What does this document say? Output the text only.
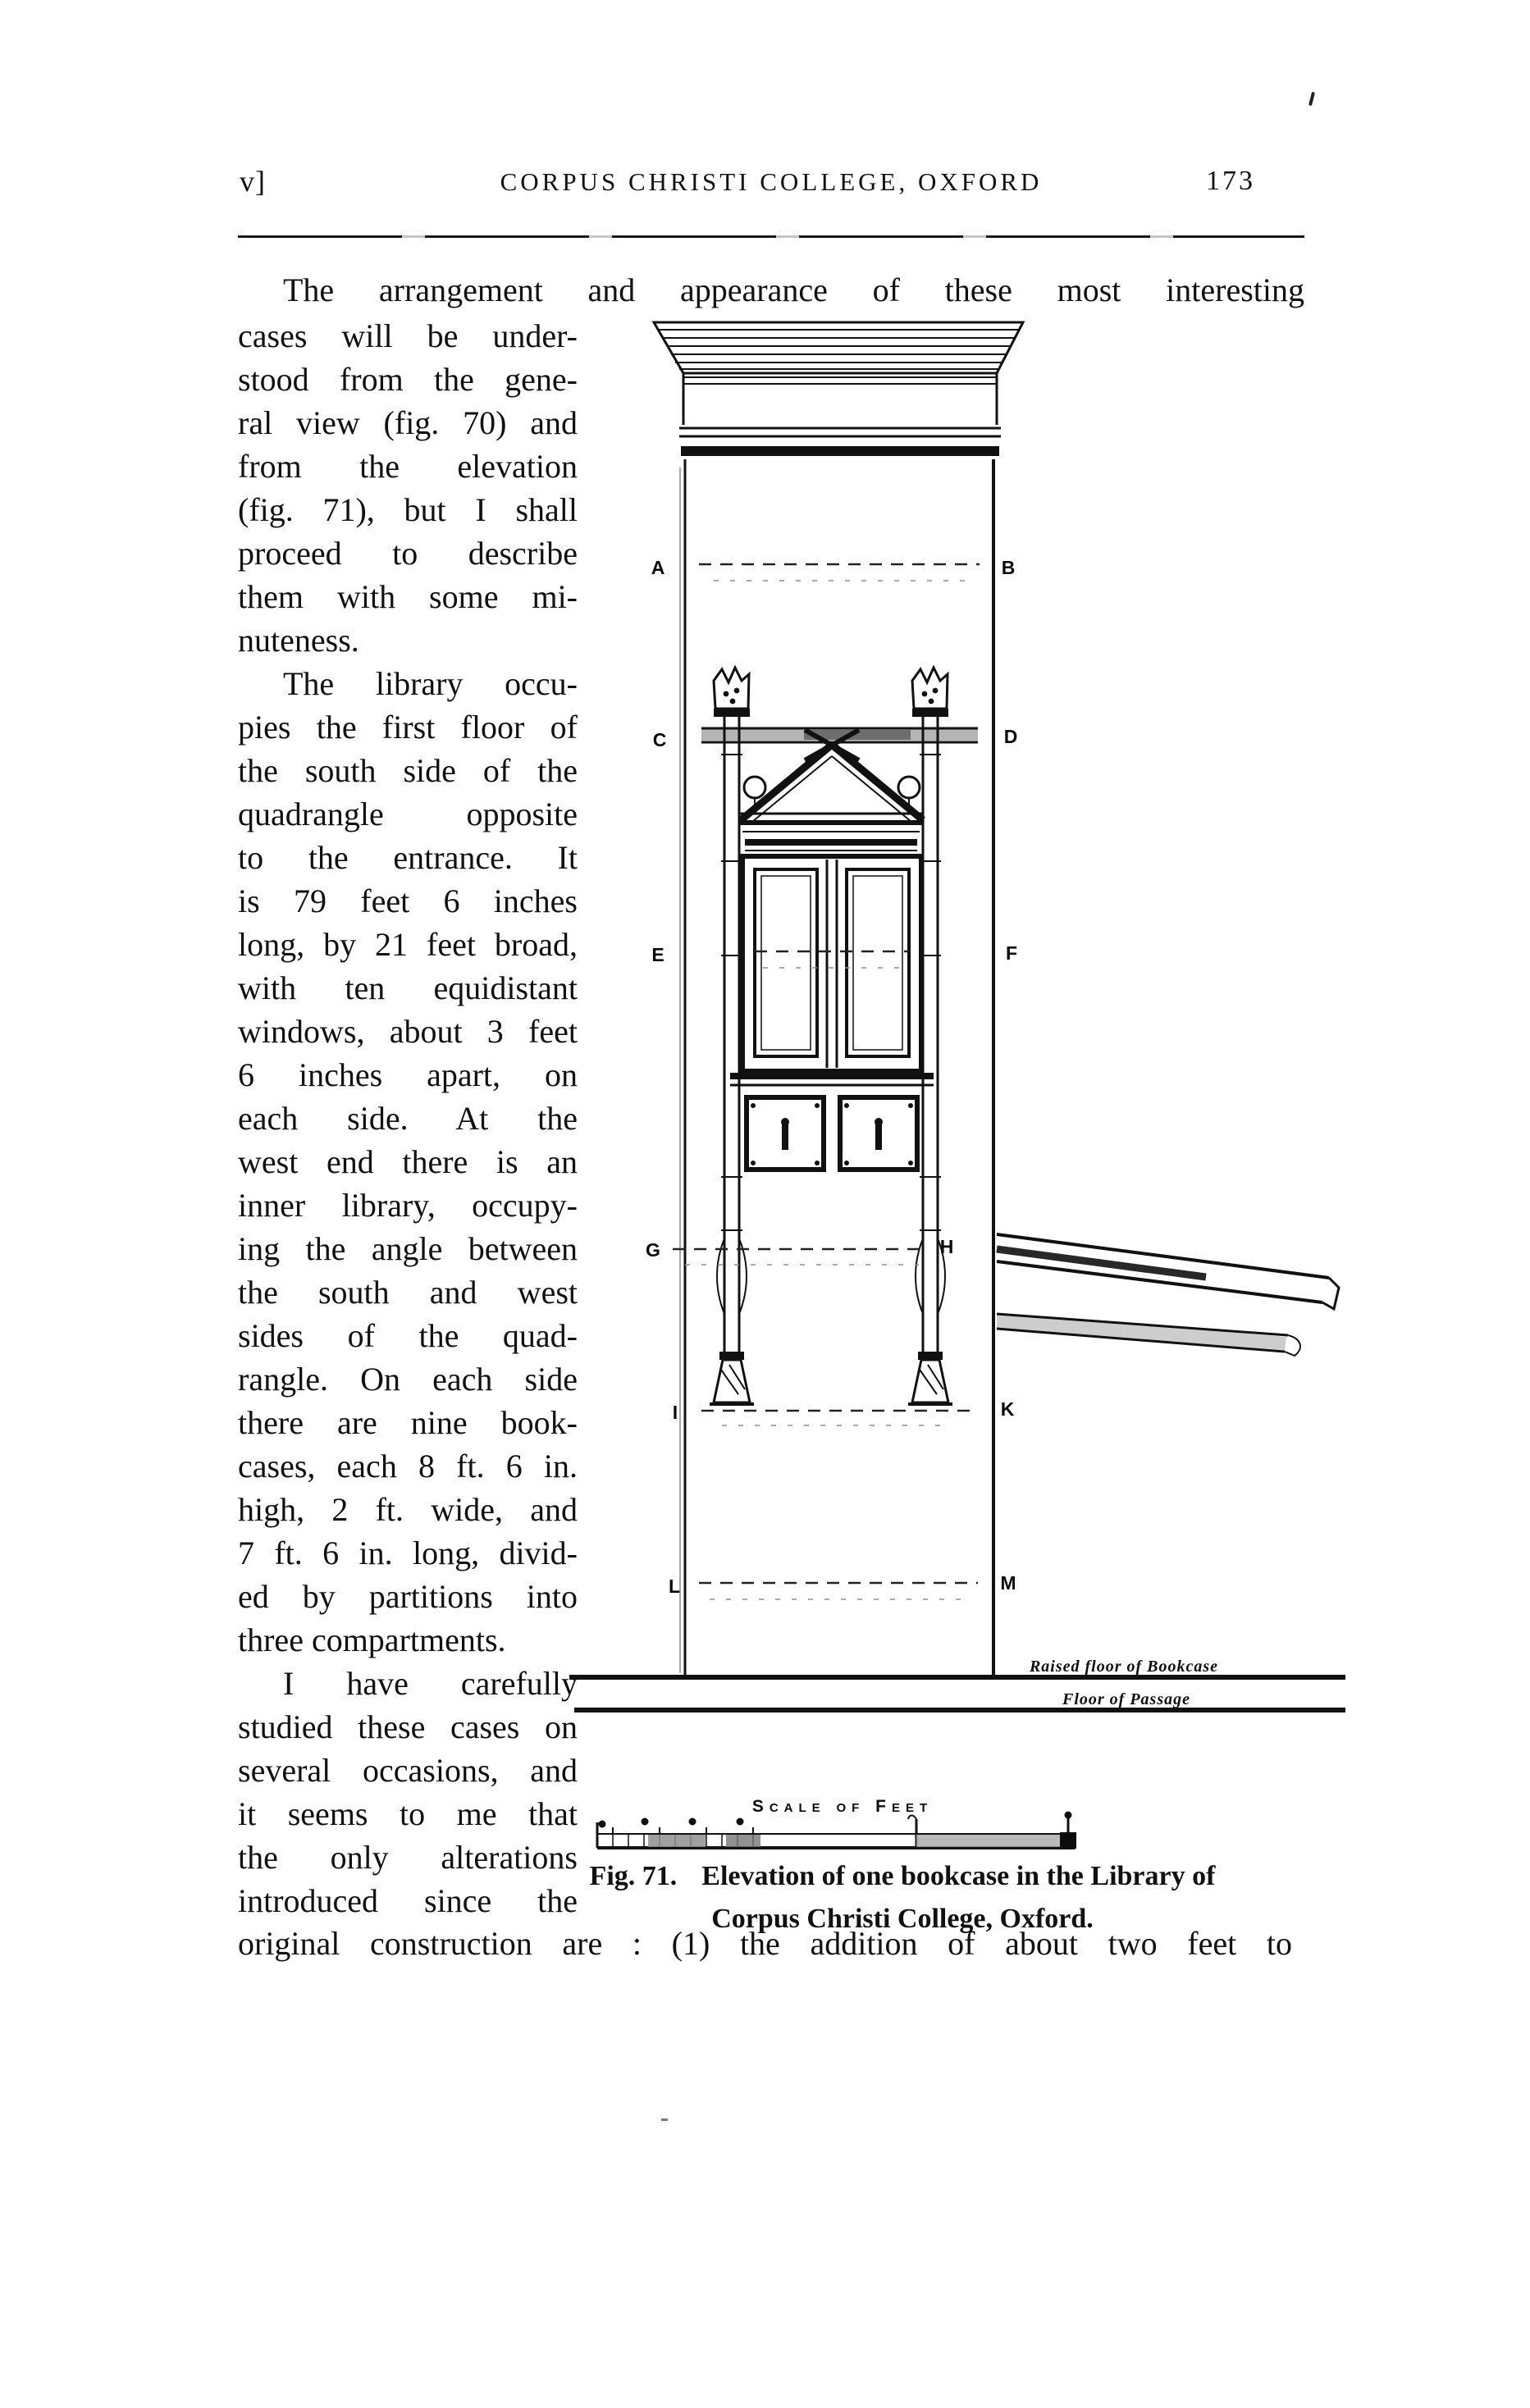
v]	CORPUS CHRISTI COLLEGE, OXFORD	173
The arrangement and appearance of these most interesting
cases will be under-
stood from the gene-
ral view (fig. 70) and
from the elevation
(fig. 71), but I shall
proceed to describe
them with some mi-
nuteness.
The library occu-
pies the first floor of
the south side of the
quadrangle opposite
to the entrance. It
is 79 feet 6 inches
long, by 21 feet broad,
with ten equidistant
windows, about 3 feet
6 inches apart, on
each side. At the
west end there is an
inner library, occupy-
ing the angle between
the south and west
sides of the quad-
rangle. On each side
there are nine book-
cases, each 8 ft. 6 in.
high, 2 ft. wide, and
7 ft. 6 in. long, divid-
ed by partitions into
three compartments.
I have carefully
studied these cases on
several occasions, and
it seems to me that
the only alterations
introduced since the
original construction are : (1) the addition of about two feet to
A	B
C	D
E	F
G	H
I	K
L	M
Raised floor of Bookcase
Floor of Passage
Scale of Feet
Fig. 71. Elevation of one bookcase in the Library of
Corpus Christi College, Oxford.
